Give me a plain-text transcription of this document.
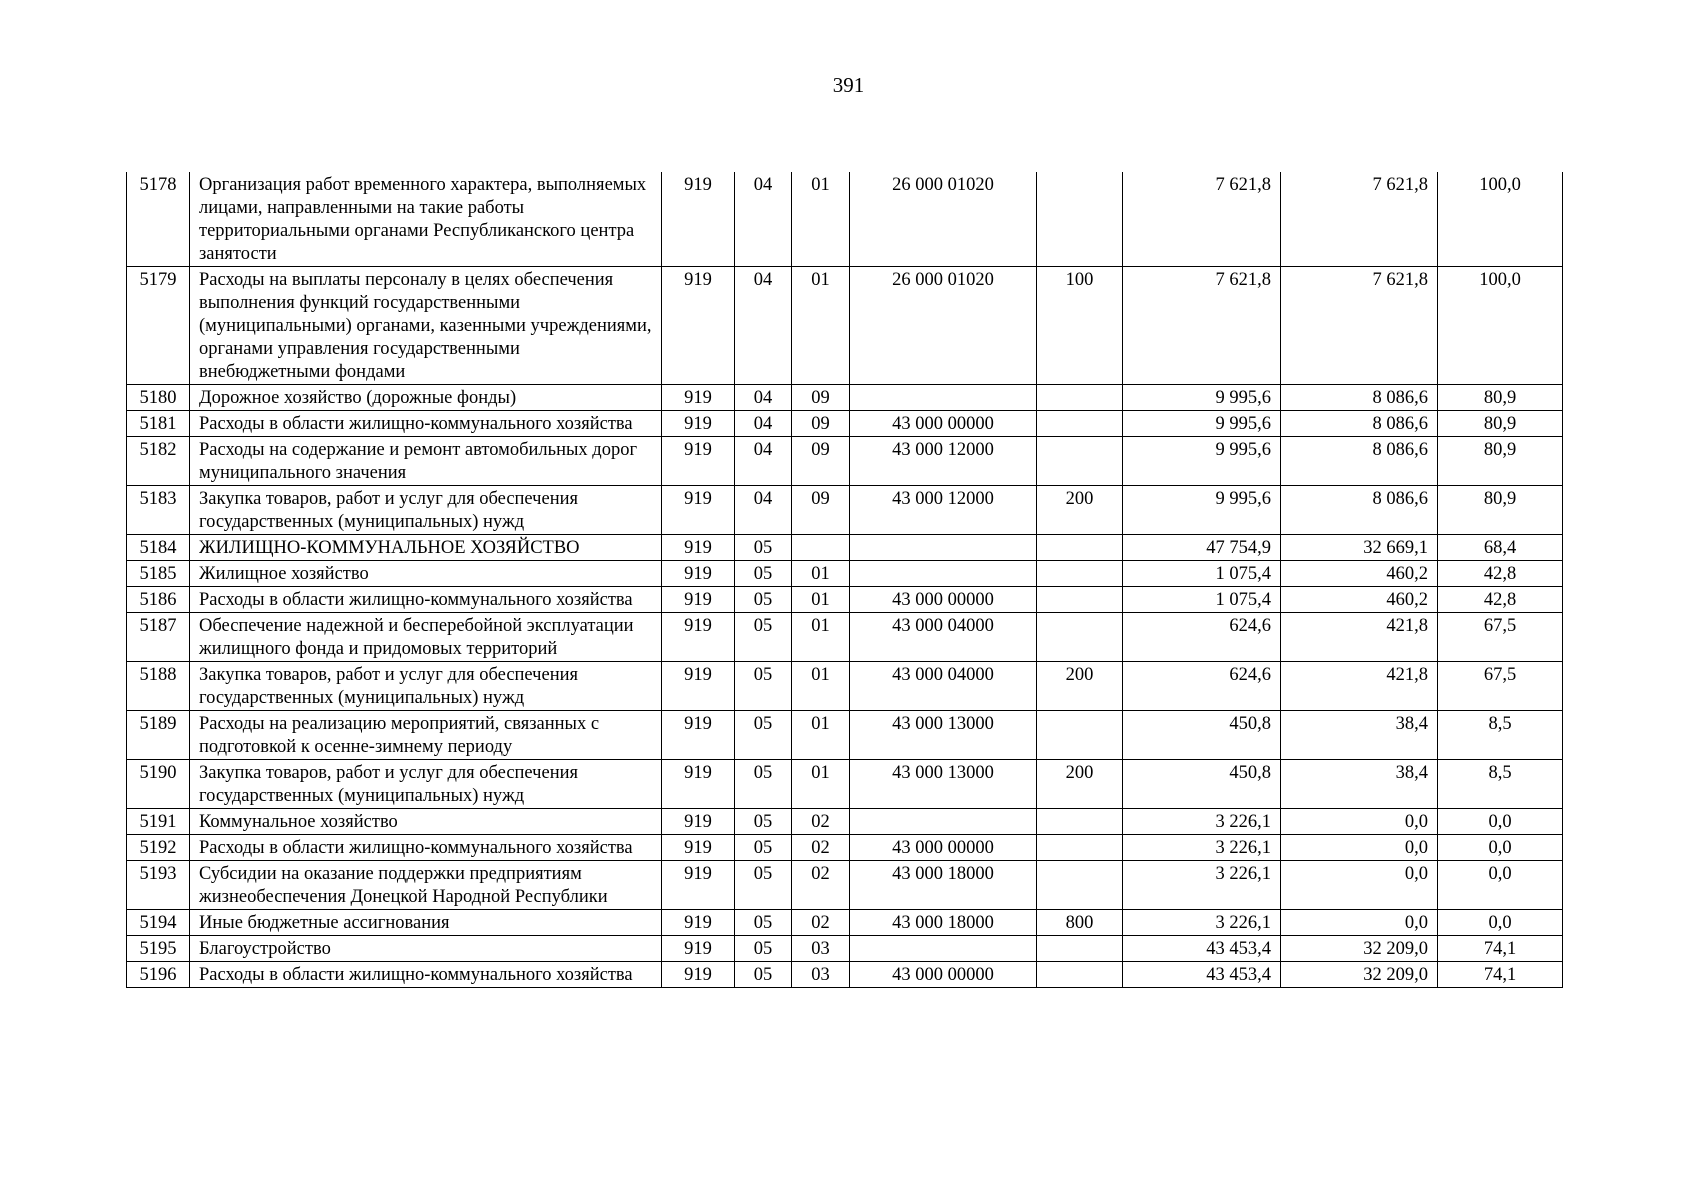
391
5178	Организация работ временного характера, выполняемых лицами, направленными на такие работы территориальными органами Республиканского центра занятости	919	04	01	26 000 01020		7 621,8	7 621,8	100,0
5179	Расходы на выплаты персоналу в целях обеспечения выполнения функций государственными (муниципальными) органами, казенными учреждениями, органами управления государственными внебюджетными фондами	919	04	01	26 000 01020	100	7 621,8	7 621,8	100,0
5180	Дорожное хозяйство (дорожные фонды)	919	04	09			9 995,6	8 086,6	80,9
5181	Расходы в области жилищно-коммунального хозяйства	919	04	09	43 000 00000		9 995,6	8 086,6	80,9
5182	Расходы на содержание и ремонт автомобильных дорог муниципального значения	919	04	09	43 000 12000		9 995,6	8 086,6	80,9
5183	Закупка товаров, работ и услуг для обеспечения государственных (муниципальных) нужд	919	04	09	43 000 12000	200	9 995,6	8 086,6	80,9
5184	ЖИЛИЩНО-КОММУНАЛЬНОЕ ХОЗЯЙСТВО	919	05				47 754,9	32 669,1	68,4
5185	Жилищное хозяйство	919	05	01			1 075,4	460,2	42,8
5186	Расходы в области жилищно-коммунального хозяйства	919	05	01	43 000 00000		1 075,4	460,2	42,8
5187	Обеспечение надежной и бесперебойной эксплуатации жилищного фонда и придомовых территорий	919	05	01	43 000 04000		624,6	421,8	67,5
5188	Закупка товаров, работ и услуг для обеспечения государственных (муниципальных) нужд	919	05	01	43 000 04000	200	624,6	421,8	67,5
5189	Расходы на реализацию мероприятий, связанных с подготовкой к осенне-зимнему периоду	919	05	01	43 000 13000		450,8	38,4	8,5
5190	Закупка товаров, работ и услуг для обеспечения государственных (муниципальных) нужд	919	05	01	43 000 13000	200	450,8	38,4	8,5
5191	Коммунальное хозяйство	919	05	02			3 226,1	0,0	0,0
5192	Расходы в области жилищно-коммунального хозяйства	919	05	02	43 000 00000		3 226,1	0,0	0,0
5193	Субсидии на оказание поддержки предприятиям жизнеобеспечения Донецкой Народной Республики	919	05	02	43 000 18000		3 226,1	0,0	0,0
5194	Иные бюджетные ассигнования	919	05	02	43 000 18000	800	3 226,1	0,0	0,0
5195	Благоустройство	919	05	03			43 453,4	32 209,0	74,1
5196	Расходы в области жилищно-коммунального хозяйства	919	05	03	43 000 00000		43 453,4	32 209,0	74,1
